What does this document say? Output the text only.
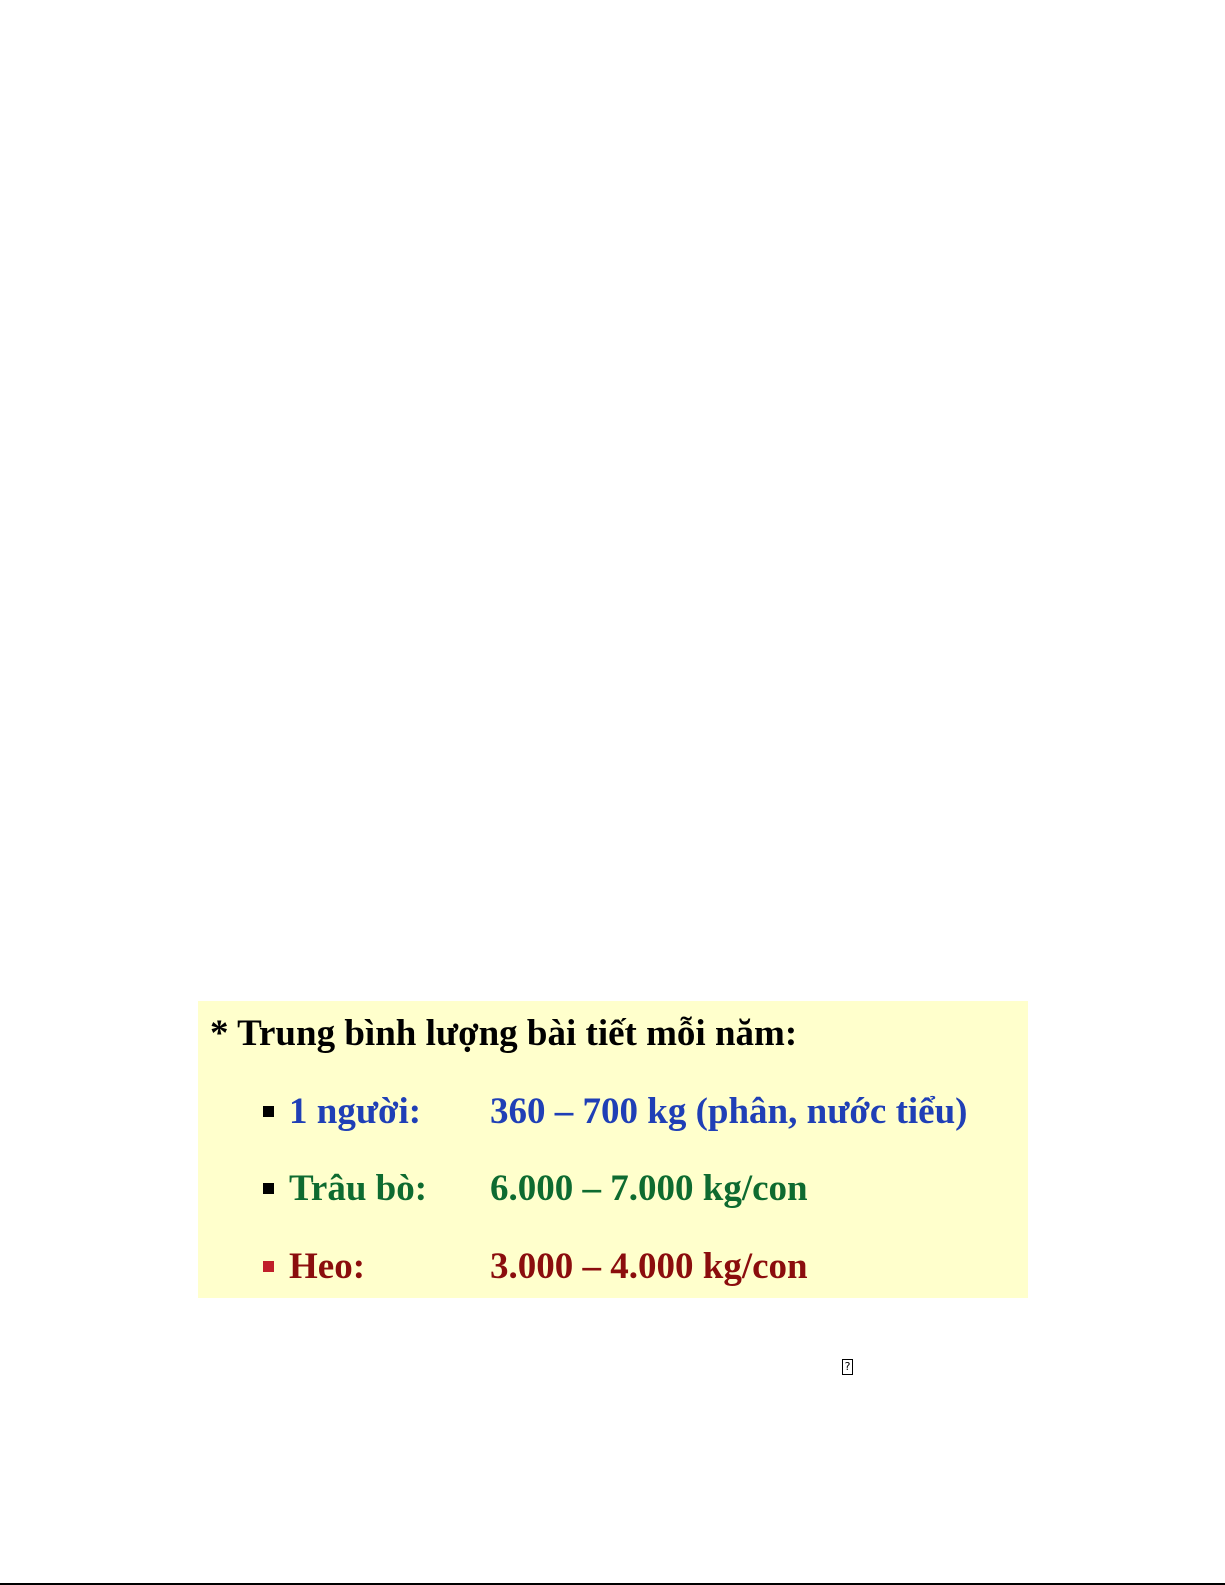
* Trung bình lượng bài tiết mỗi năm:

1 người: 360 – 700 kg (phân, nước tiểu)
Trâu bò: 6.000 – 7.000 kg/con
Heo:	3.000 – 4.000 kg/con
?
